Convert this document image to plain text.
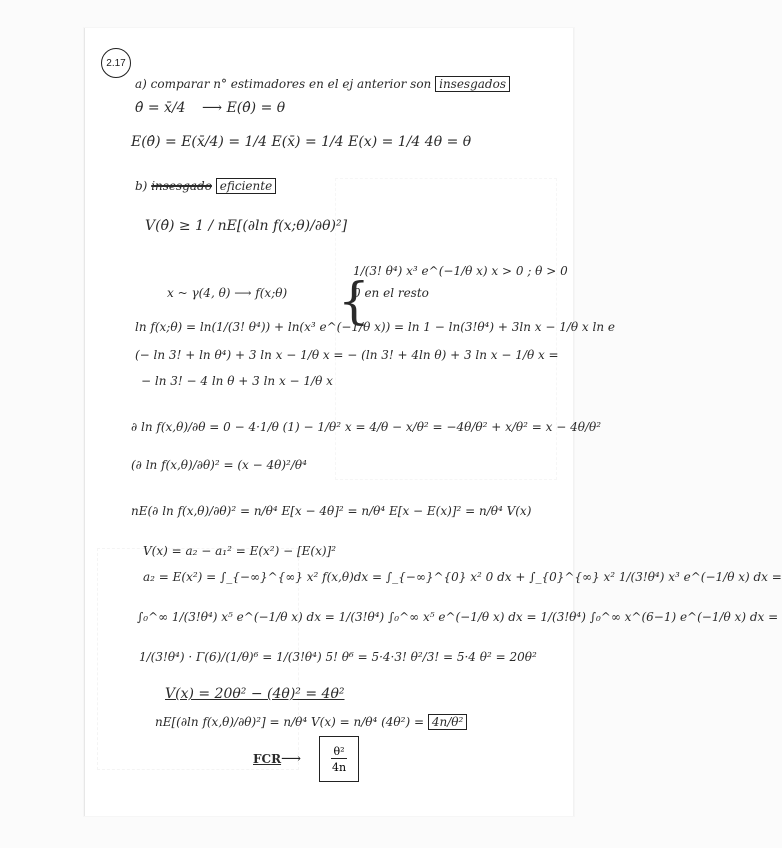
2.17
a) comparar n° estimadores en el ej anterior son insesgados
θ̂ = x̄/4 ⟶ E(θ̂) = θ
E(θ̂) = E(x̄/4) = 1/4 E(x̄) = 1/4 E(x) = 1/4 4θ = θ
b) insesgado eficiente
V(θ̂) ≥ 1 / nE[(∂ln f(x;θ)/∂θ)²]
x ~ γ(4, θ) ⟶ f(x;θ) {
1/(3! θ⁴) x³ e^(−1/θ x) x > 0 ; θ > 0
0 en el resto
ln f(x;θ) = ln(1/(3! θ⁴)) + ln(x³ e^(−1/θ x)) = ln 1 − ln(3!θ⁴) + 3ln x − 1/θ x ln e
(− ln 3! + ln θ⁴) + 3 ln x − 1/θ x = − (ln 3! + 4ln θ) + 3 ln x − 1/θ x =
− ln 3! − 4 ln θ + 3 ln x − 1/θ x
∂ ln f(x,θ)/∂θ = 0 − 4·1/θ (1) − 1/θ² x = 4/θ − x/θ² = −4θ/θ² + x/θ² = x − 4θ/θ²
(∂ ln f(x,θ)/∂θ)² = (x − 4θ)²/θ⁴
nE(∂ ln f(x,θ)/∂θ)² = n/θ⁴ E[x − 4θ]² = n/θ⁴ E[x − E(x)]² = n/θ⁴ V(x)
V(x) = a₂ − a₁² = E(x²) − [E(x)]²
a₂ = E(x²) = ∫_{−∞}^{∞} x² f(x,θ)dx = ∫_{−∞}^{0} x² 0 dx + ∫_{0}^{∞} x² 1/(3!θ⁴) x³ e^(−1/θ x) dx =
∫₀^∞ 1/(3!θ⁴) x⁵ e^(−1/θ x) dx = 1/(3!θ⁴) ∫₀^∞ x⁵ e^(−1/θ x) dx = 1/(3!θ⁴) ∫₀^∞ x^(6−1) e^(−1/θ x) dx =
1/(3!θ⁴) · Γ(6)/(1/θ)⁶ = 1/(3!θ⁴) 5! θ⁶ = 5·4·3! θ²/3! = 5·4 θ² = 20θ²
V(x) = 20θ² − (4θ)² = 4θ²
nE[(∂ln f(x,θ)/∂θ)²] = n/θ⁴ V(x) = n/θ⁴ (4θ²) = 4n/θ²
FCR ⟶ $\frac{\text{θ²}}{4n}$
